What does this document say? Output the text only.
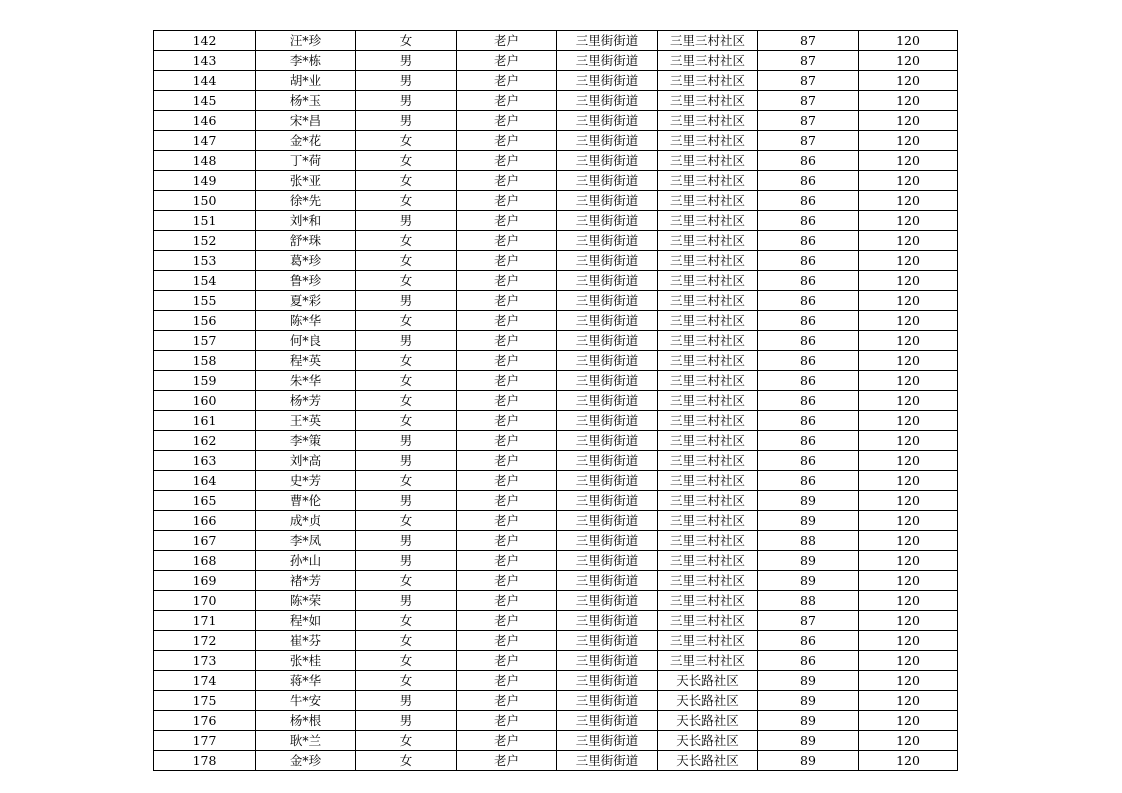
142	汪*珍	女	老户	三里街街道	三里三村社区	87	120
143	李*栋	男	老户	三里街街道	三里三村社区	87	120
144	胡*业	男	老户	三里街街道	三里三村社区	87	120
145	杨*玉	男	老户	三里街街道	三里三村社区	87	120
146	宋*昌	男	老户	三里街街道	三里三村社区	87	120
147	金*花	女	老户	三里街街道	三里三村社区	87	120
148	丁*荷	女	老户	三里街街道	三里三村社区	86	120
149	张*亚	女	老户	三里街街道	三里三村社区	86	120
150	徐*先	女	老户	三里街街道	三里三村社区	86	120
151	刘*和	男	老户	三里街街道	三里三村社区	86	120
152	舒*珠	女	老户	三里街街道	三里三村社区	86	120
153	葛*珍	女	老户	三里街街道	三里三村社区	86	120
154	鲁*珍	女	老户	三里街街道	三里三村社区	86	120
155	夏*彩	男	老户	三里街街道	三里三村社区	86	120
156	陈*华	女	老户	三里街街道	三里三村社区	86	120
157	何*良	男	老户	三里街街道	三里三村社区	86	120
158	程*英	女	老户	三里街街道	三里三村社区	86	120
159	朱*华	女	老户	三里街街道	三里三村社区	86	120
160	杨*芳	女	老户	三里街街道	三里三村社区	86	120
161	王*英	女	老户	三里街街道	三里三村社区	86	120
162	李*策	男	老户	三里街街道	三里三村社区	86	120
163	刘*高	男	老户	三里街街道	三里三村社区	86	120
164	史*芳	女	老户	三里街街道	三里三村社区	86	120
165	曹*伦	男	老户	三里街街道	三里三村社区	89	120
166	成*贞	女	老户	三里街街道	三里三村社区	89	120
167	李*凤	男	老户	三里街街道	三里三村社区	88	120
168	孙*山	男	老户	三里街街道	三里三村社区	89	120
169	褚*芳	女	老户	三里街街道	三里三村社区	89	120
170	陈*荣	男	老户	三里街街道	三里三村社区	88	120
171	程*如	女	老户	三里街街道	三里三村社区	87	120
172	崔*芬	女	老户	三里街街道	三里三村社区	86	120
173	张*桂	女	老户	三里街街道	三里三村社区	86	120
174	蒋*华	女	老户	三里街街道	天长路社区	89	120
175	牛*安	男	老户	三里街街道	天长路社区	89	120
176	杨*根	男	老户	三里街街道	天长路社区	89	120
177	耿*兰	女	老户	三里街街道	天长路社区	89	120
178	金*珍	女	老户	三里街街道	天长路社区	89	120
